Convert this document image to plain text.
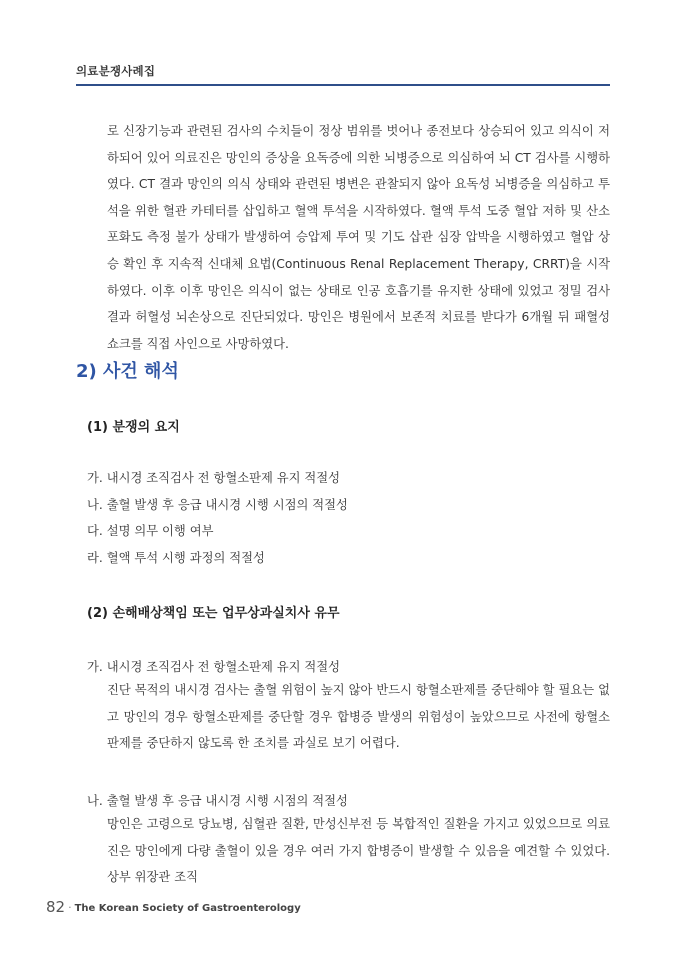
의료분쟁사례집

로 신장기능과 관련된 검사의 수치들이 정상 범위를 벗어나 종전보다 상승되어 있고 의식이 저하되어 있어 의료진은 망인의 증상을 요독증에 의한 뇌병증으로 의심하여 뇌 CT 검사를 시행하였다. CT 결과 망인의 의식 상태와 관련된 병변은 관찰되지 않아 요독성 뇌병증을 의심하고 투석을 위한 혈관 카테터를 삽입하고 혈액 투석을 시작하였다. 혈액 투석 도중 혈압 저하 및 산소 포화도 측정 불가 상태가 발생하여 승압제 투여 및 기도 삽관 심장 압박을 시행하였고 혈압 상승 확인 후 지속적 신대체 요법(Continuous Renal Replacement Therapy, CRRT)을 시작하였다. 이후 이후 망인은 의식이 없는 상태로 인공 호흡기를 유지한 상태에 있었고 정밀 검사 결과 허혈성 뇌손상으로 진단되었다. 망인은 병원에서 보존적 치료를 받다가 6개월 뒤 패혈성 쇼크를 직접 사인으로 사망하였다.

2) 사건 해석
(1) 분쟁의 요지
가. 내시경 조직검사 전 항혈소판제 유지 적절성
나. 출혈 발생 후 응급 내시경 시행 시점의 적절성
다. 설명 의무 이행 여부
라. 혈액 투석 시행 과정의 적절성
(2) 손해배상책임 또는 업무상과실치사 유무
가. 내시경 조직검사 전 항혈소판제 유지 적절성

진단 목적의 내시경 검사는 출혈 위험이 높지 않아 반드시 항혈소판제를 중단해야 할 필요는 없고 망인의 경우 항혈소판제를 중단할 경우 합병증 발생의 위험성이 높았으므로 사전에 항혈소판제를 중단하지 않도록 한 조치를 과실로 보기 어렵다.

나. 출혈 발생 후 응급 내시경 시행 시점의 적절성

망인은 고령으로 당뇨병, 심혈관 질환, 만성신부전 등 복합적인 질환을 가지고 있었으므로 의료진은 망인에게 다량 출혈이 있을 경우 여러 가지 합병증이 발생할 수 있음을 예견할 수 있었다. 상부 위장관 조직

82 · The Korean Society of Gastroenterology
